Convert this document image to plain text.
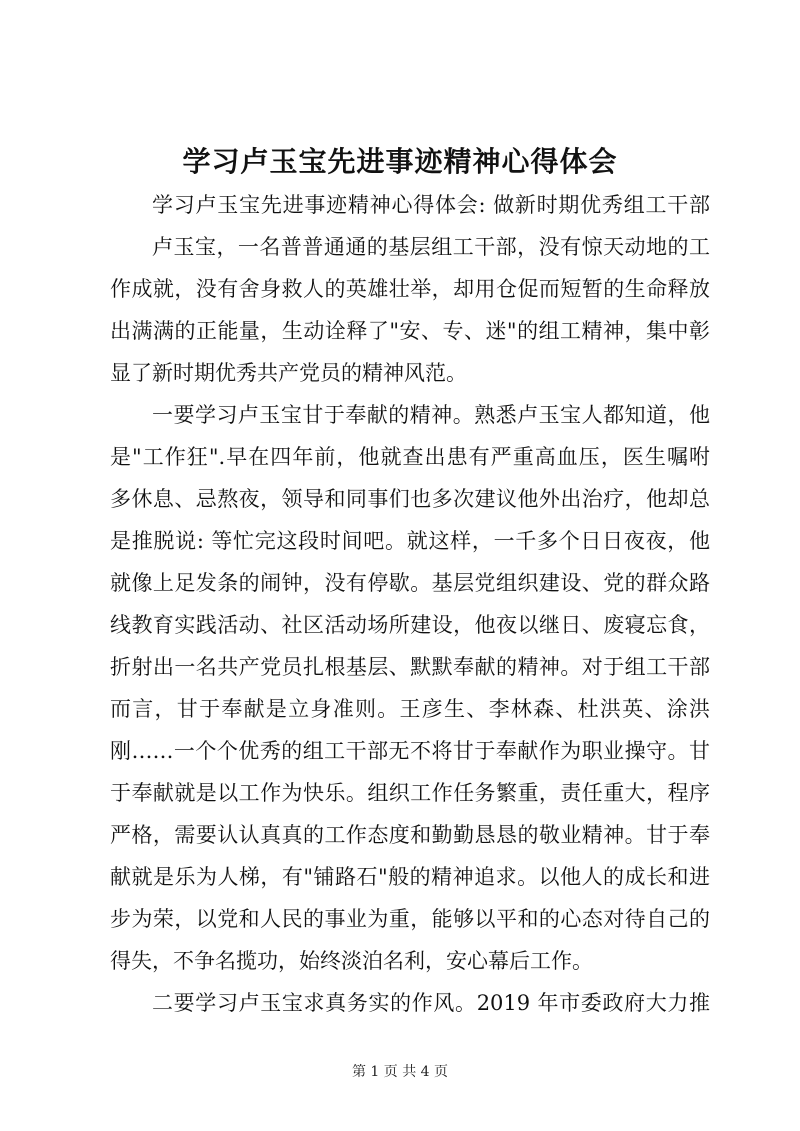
学习卢玉宝先进事迹精神心得体会

学习卢玉宝先进事迹精神心得体会: 做新时期优秀组工干部

卢玉宝，一名普普通通的基层组工干部，没有惊天动地的工

作成就，没有舍身救人的英雄壮举，却用仓促而短暂的生命释放

出满满的正能量，生动诠释了"安、专、迷"的组工精神，集中彰

显了新时期优秀共产党员的精神风范。

一要学习卢玉宝甘于奉献的精神。熟悉卢玉宝人都知道，他

是"工作狂".早在四年前，他就查出患有严重高血压，医生嘱咐

多休息、忌熬夜，领导和同事们也多次建议他外出治疗，他却总

是推脱说: 等忙完这段时间吧。就这样，一千多个日日夜夜，他

就像上足发条的闹钟，没有停歇。基层党组织建设、党的群众路

线教育实践活动、社区活动场所建设，他夜以继日、废寝忘食，

折射出一名共产党员扎根基层、默默奉献的精神。对于组工干部

而言，甘于奉献是立身准则。王彦生、李林森、杜洪英、涂洪

刚……一个个优秀的组工干部无不将甘于奉献作为职业操守。甘

于奉献就是以工作为快乐。组织工作任务繁重，责任重大，程序

严格，需要认认真真的工作态度和勤勤恳恳的敬业精神。甘于奉

献就是乐为人梯，有"铺路石"般的精神追求。以他人的成长和进

步为荣，以党和人民的事业为重，能够以平和的心态对待自己的

得失，不争名揽功，始终淡泊名利，安心幕后工作。

二要学习卢玉宝求真务实的作风。2019 年市委政府大力推

第 1 页 共 4 页
